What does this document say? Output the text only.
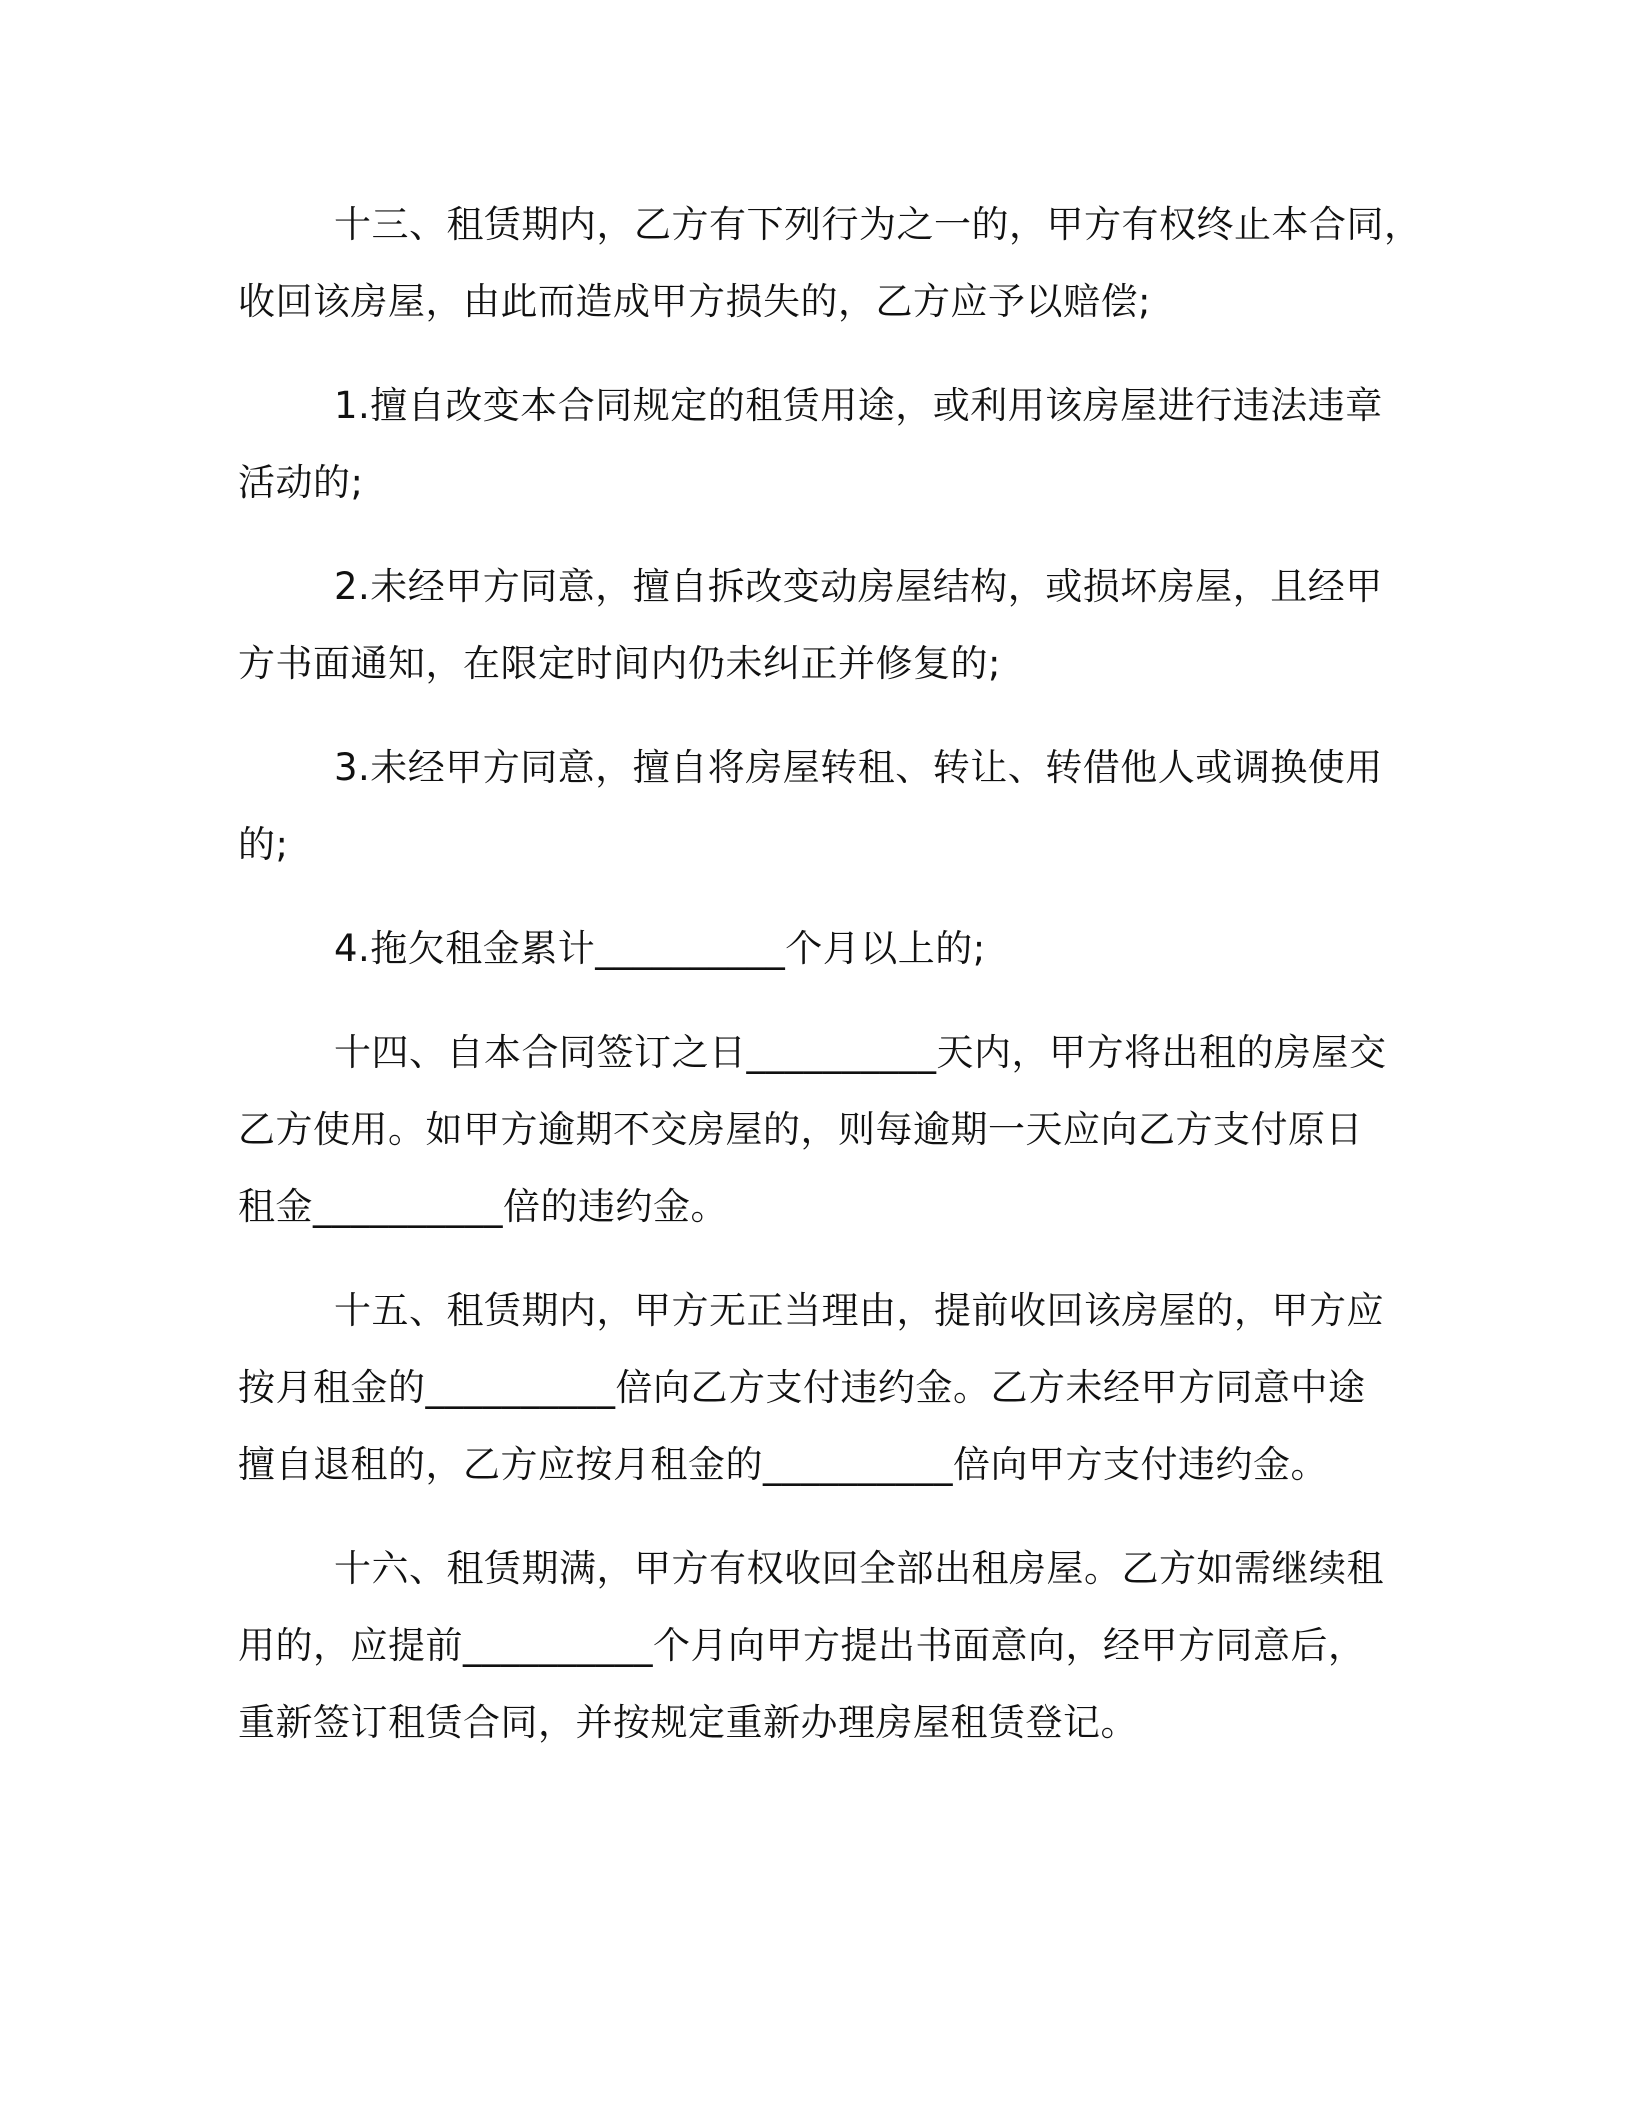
十三、租赁期内，乙方有下列行为之一的，甲方有权终止本合同，
收回该房屋，由此而造成甲方损失的，乙方应予以赔偿;

1.擅自改变本合同规定的租赁用途，或利用该房屋进行违法违章
活动的;

2.未经甲方同意，擅自拆改变动房屋结构，或损坏房屋，且经甲
方书面通知，在限定时间内仍未纠正并修复的;

3.未经甲方同意，擅自将房屋转租、转让、转借他人或调换使用
的;

4.拖欠租金累计__________个月以上的;

十四、自本合同签订之日__________天内，甲方将出租的房屋交
乙方使用。如甲方逾期不交房屋的，则每逾期一天应向乙方支付原日
租金__________倍的违约金。

十五、租赁期内，甲方无正当理由，提前收回该房屋的，甲方应
按月租金的__________倍向乙方支付违约金。乙方未经甲方同意中途
擅自退租的，乙方应按月租金的__________倍向甲方支付违约金。

十六、租赁期满，甲方有权收回全部出租房屋。乙方如需继续租
用的，应提前__________个月向甲方提出书面意向，经甲方同意后，
重新签订租赁合同，并按规定重新办理房屋租赁登记。
